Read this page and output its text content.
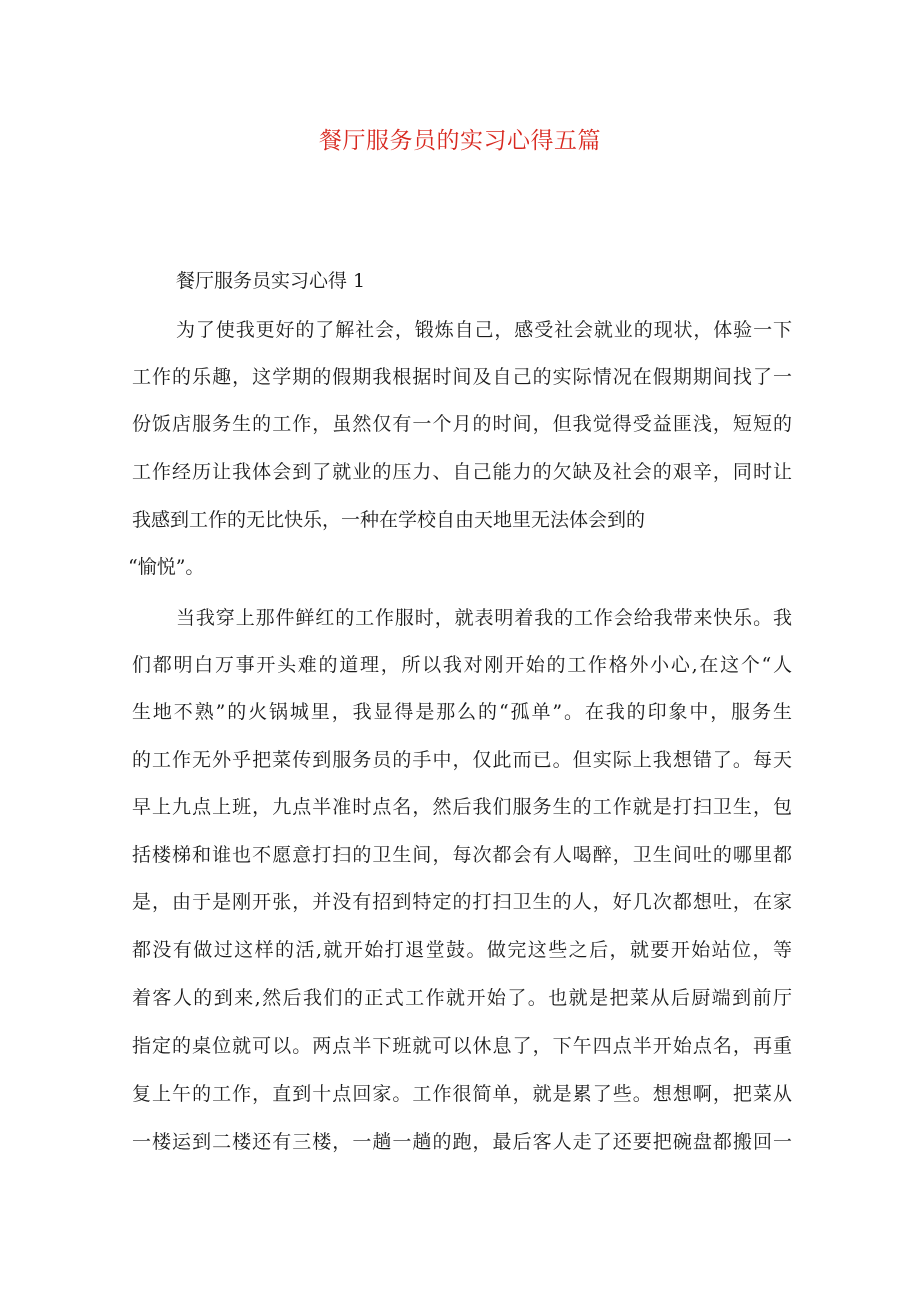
餐厅服务员的实习心得五篇

餐厅服务员实习心得 1

为了使我更好的了解社会，锻炼自己，感受社会就业的现状，体验一下

工作的乐趣，这学期的假期我根据时间及自己的实际情况在假期期间找了一

份饭店服务生的工作，虽然仅有一个月的时间，但我觉得受益匪浅，短短的

工作经历让我体会到了就业的压力、自己能力的欠缺及社会的艰辛，同时让

我感到工作的无比快乐，一种在学校自由天地里无法体会到的

“愉悦”。

当我穿上那件鲜红的工作服时，就表明着我的工作会给我带来快乐。我

们都明白万事开头难的道理，所以我对刚开始的工作格外小心,在这个“人

生地不熟”的火锅城里，我显得是那么的“孤单”。在我的印象中，服务生

的工作无外乎把菜传到服务员的手中，仅此而已。但实际上我想错了。每天

早上九点上班，九点半准时点名，然后我们服务生的工作就是打扫卫生，包

括楼梯和谁也不愿意打扫的卫生间，每次都会有人喝醉，卫生间吐的哪里都

是，由于是刚开张，并没有招到特定的打扫卫生的人，好几次都想吐，在家

都没有做过这样的活,就开始打退堂鼓。做完这些之后，就要开始站位，等

着客人的到来,然后我们的正式工作就开始了。也就是把菜从后厨端到前厅

指定的桌位就可以。两点半下班就可以休息了，下午四点半开始点名，再重

复上午的工作，直到十点回家。工作很简单，就是累了些。想想啊，把菜从

一楼运到二楼还有三楼，一趟一趟的跑，最后客人走了还要把碗盘都搬回一
